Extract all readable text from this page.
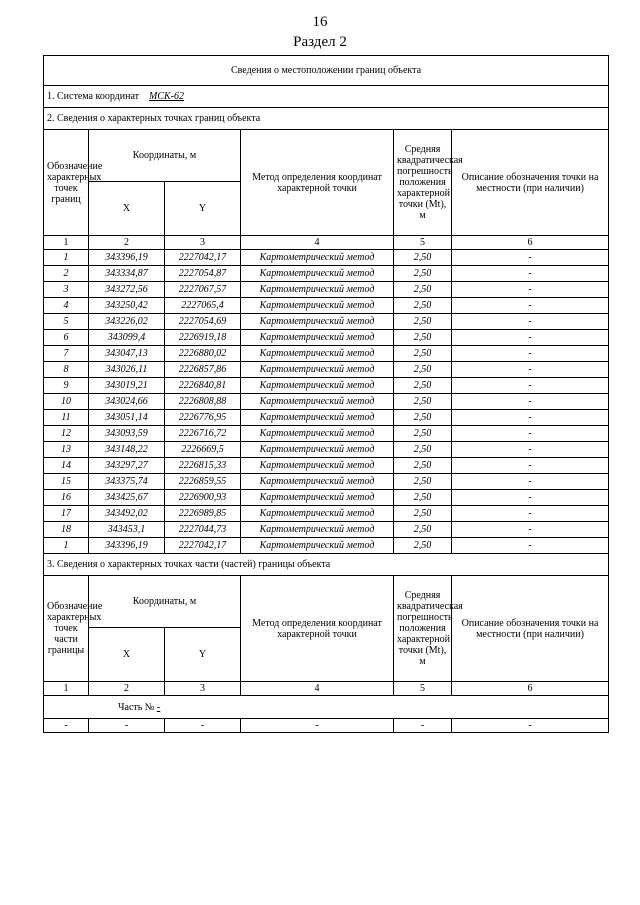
16
Раздел 2
Сведения о местоположении границ объекта					
1. Система координат МСК-62					
2. Сведения о характерных точках границ объекта					
Обозначение характерных точек границ	Координаты, м		Метод определения координат характерной точки	Средняя квадратическая погрешность положения характерной точки (Mt), м	Описание обозначения точки на местности (при наличии)
	X	Y			
1	2	3	4	5	6
1	343396,19	2227042,17	Картометрический метод	2,50	-
2	343334,87	2227054,87	Картометрический метод	2,50	-
3	343272,56	2227067,57	Картометрический метод	2,50	-
4	343250,42	2227065,4	Картометрический метод	2,50	-
5	343226,02	2227054,69	Картометрический метод	2,50	-
6	343099,4	2226919,18	Картометрический метод	2,50	-
7	343047,13	2226880,02	Картометрический метод	2,50	-
8	343026,11	2226857,86	Картометрический метод	2,50	-
9	343019,21	2226840,81	Картометрический метод	2,50	-
10	343024,66	2226808,88	Картометрический метод	2,50	-
11	343051,14	2226776,95	Картометрический метод	2,50	-
12	343093,59	2226716,72	Картометрический метод	2,50	-
13	343148,22	2226669,5	Картометрический метод	2,50	-
14	343297,27	2226815,33	Картометрический метод	2,50	-
15	343375,74	2226859,55	Картометрический метод	2,50	-
16	343425,67	2226900,93	Картометрический метод	2,50	-
17	343492,02	2226989,85	Картометрический метод	2,50	-
18	343453,1	2227044,73	Картометрический метод	2,50	-
1	343396,19	2227042,17	Картометрический метод	2,50	-
3. Сведения о характерных точках части (частей) границы объекта					
Обозначение характерных точек части границы	Координаты, м		Метод определения координат характерной точки	Средняя квадратическая погрешность положения характерной точки (Mt), м	Описание обозначения точки на местности (при наличии)
	X	Y			
1	2	3	4	5	6
Часть № -					
-	-	-	-	-	-
